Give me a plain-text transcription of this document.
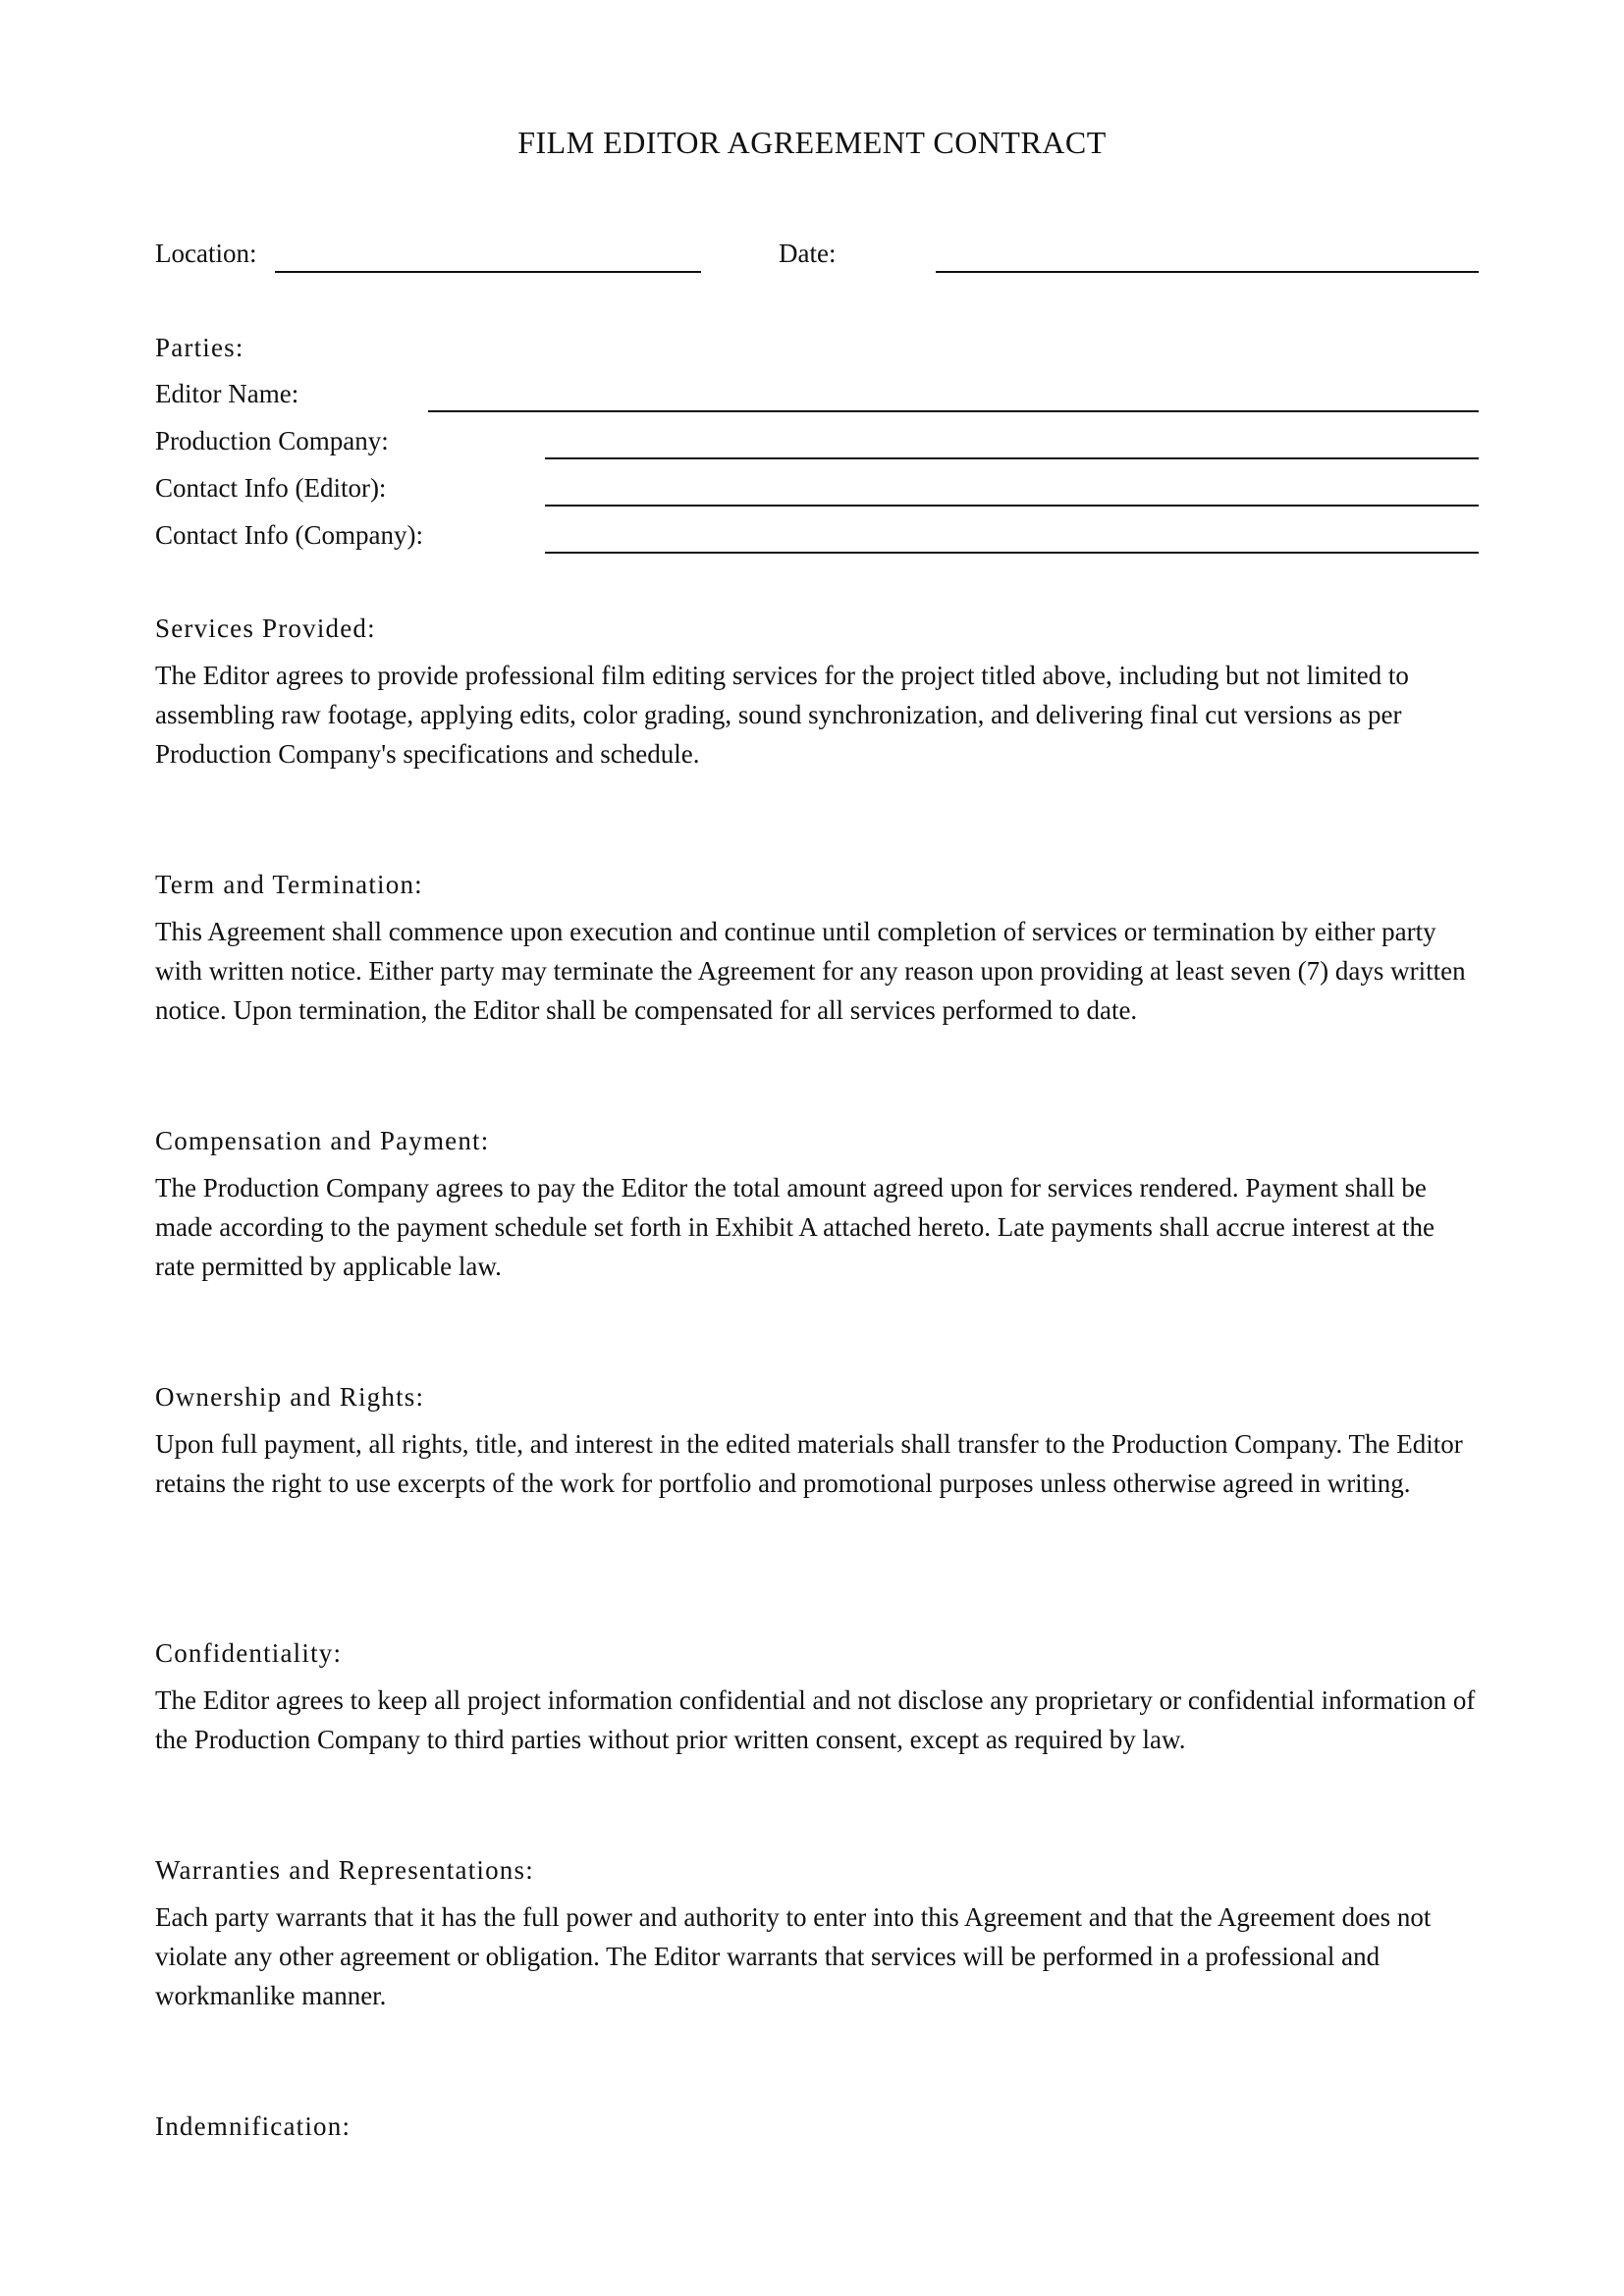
FILM EDITOR AGREEMENT CONTRACT
Location:	Date:
Parties:
Editor Name:
Production Company:
Contact Info (Editor):
Contact Info (Company):
Services Provided:
The Editor agrees to provide professional film editing services for the project titled above, including but not limited to assembling raw footage, applying edits, color grading, sound synchronization, and delivering final cut versions as per Production Company's specifications and schedule.
Term and Termination:
This Agreement shall commence upon execution and continue until completion of services or termination by either party with written notice. Either party may terminate the Agreement for any reason upon providing at least seven (7) days written notice. Upon termination, the Editor shall be compensated for all services performed to date.
Compensation and Payment:
The Production Company agrees to pay the Editor the total amount agreed upon for services rendered. Payment shall be made according to the payment schedule set forth in Exhibit A attached hereto. Late payments shall accrue interest at the rate permitted by applicable law.
Ownership and Rights:
Upon full payment, all rights, title, and interest in the edited materials shall transfer to the Production Company. The Editor retains the right to use excerpts of the work for portfolio and promotional purposes unless otherwise agreed in writing.
Confidentiality:
The Editor agrees to keep all project information confidential and not disclose any proprietary or confidential information of the Production Company to third parties without prior written consent, except as required by law.
Warranties and Representations:
Each party warrants that it has the full power and authority to enter into this Agreement and that the Agreement does not violate any other agreement or obligation. The Editor warrants that services will be performed in a professional and workmanlike manner.
Indemnification:
